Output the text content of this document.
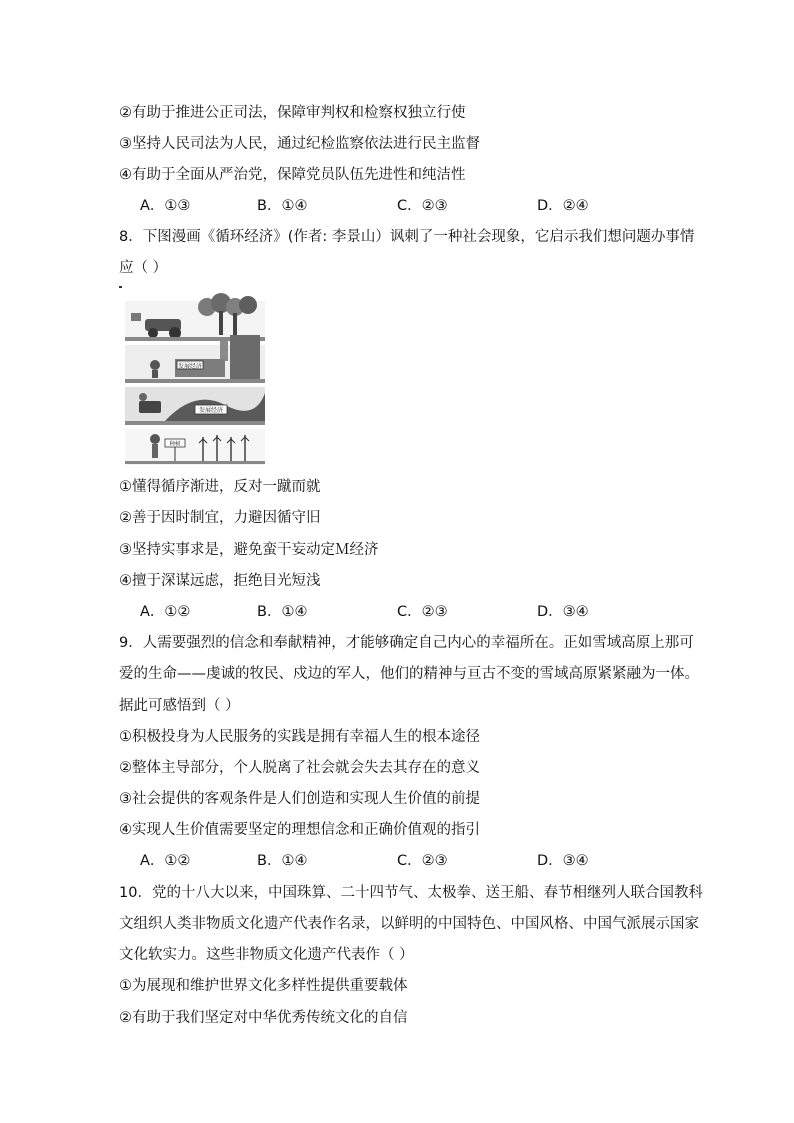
②有助于推进公正司法，保障审判权和检察权独立行使
③坚持人民司法为人民，通过纪检监察依法进行民主监督
④有助于全面从严治党，保障党员队伍先进性和纯洁性
A．①③	B．①④	C．②③	D．②④
8．下图漫画《循环经济》(作者: 李景山）讽刺了一种社会现象，它启示我们想问题办事情
应（ ）
发展经济
发展经济
种树
①懂得循序渐进，反对一蹴而就
②善于因时制宜，力避因循守旧
③坚持实事求是，避免蛮干妄动定Ｍ经济
④擅于深谋远虑，拒绝目光短浅
A．①②	B．①④	C．②③	D．③④
9．人需要强烈的信念和奉献精神，才能够确定自己内心的幸福所在。正如雪域高原上那可
爱的生命——虔诚的牧民、戍边的军人，他们的精神与亘古不变的雪域高原紧紧融为一体。
据此可感悟到（ ）
①积极投身为人民服务的实践是拥有幸福人生的根本途径
②整体主导部分，个人脱离了社会就会失去其存在的意义
③社会提供的客观条件是人们创造和实现人生价值的前提
④实现人生价值需要坚定的理想信念和正确价值观的指引
A．①②	B．①④	C．②③	D．③④
10．党的十八大以来，中国珠算、二十四节气、太极拳、送王船、春节相继列人联合国教科
文组织人类非物质文化遗产代表作名录，以鲜明的中国特色、中国风格、中国气派展示国家
文化软实力。这些非物质文化遗产代表作（ ）
①为展现和维护世界文化多样性提供重要载体
②有助于我们坚定对中华优秀传统文化的自信
